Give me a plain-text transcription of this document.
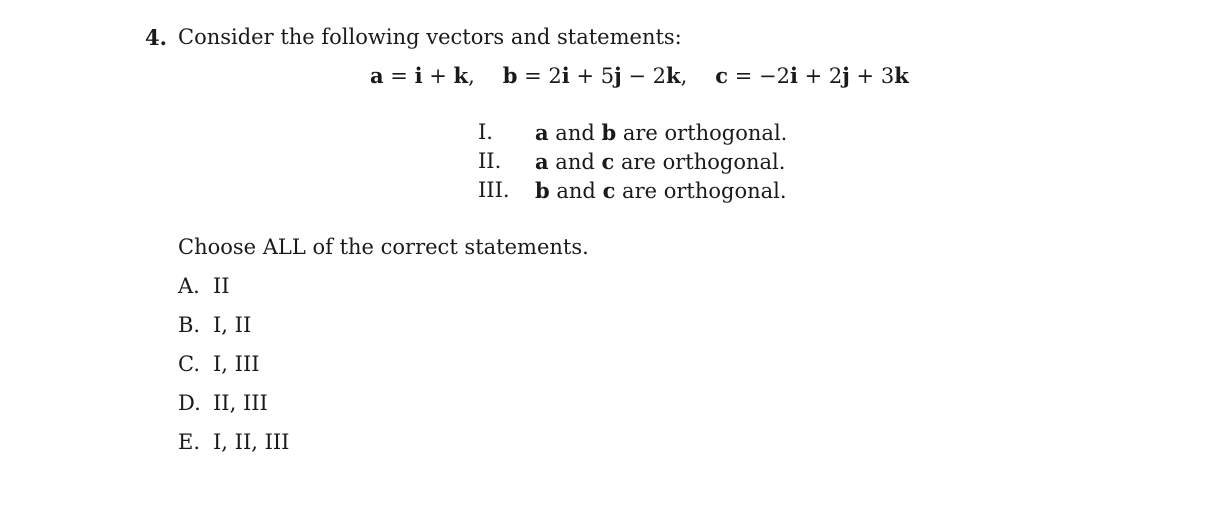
4. Consider the following vectors and statements:
a = i + k, b = 2i + 5j − 2k, c = −2i + 2j + 3k
I. a and b are orthogonal.
II. a and c are orthogonal.
III. b and c are orthogonal.
Choose ALL of the correct statements.
A. II
B. I, II
C. I, III
D. II, III
E. I, II, III
